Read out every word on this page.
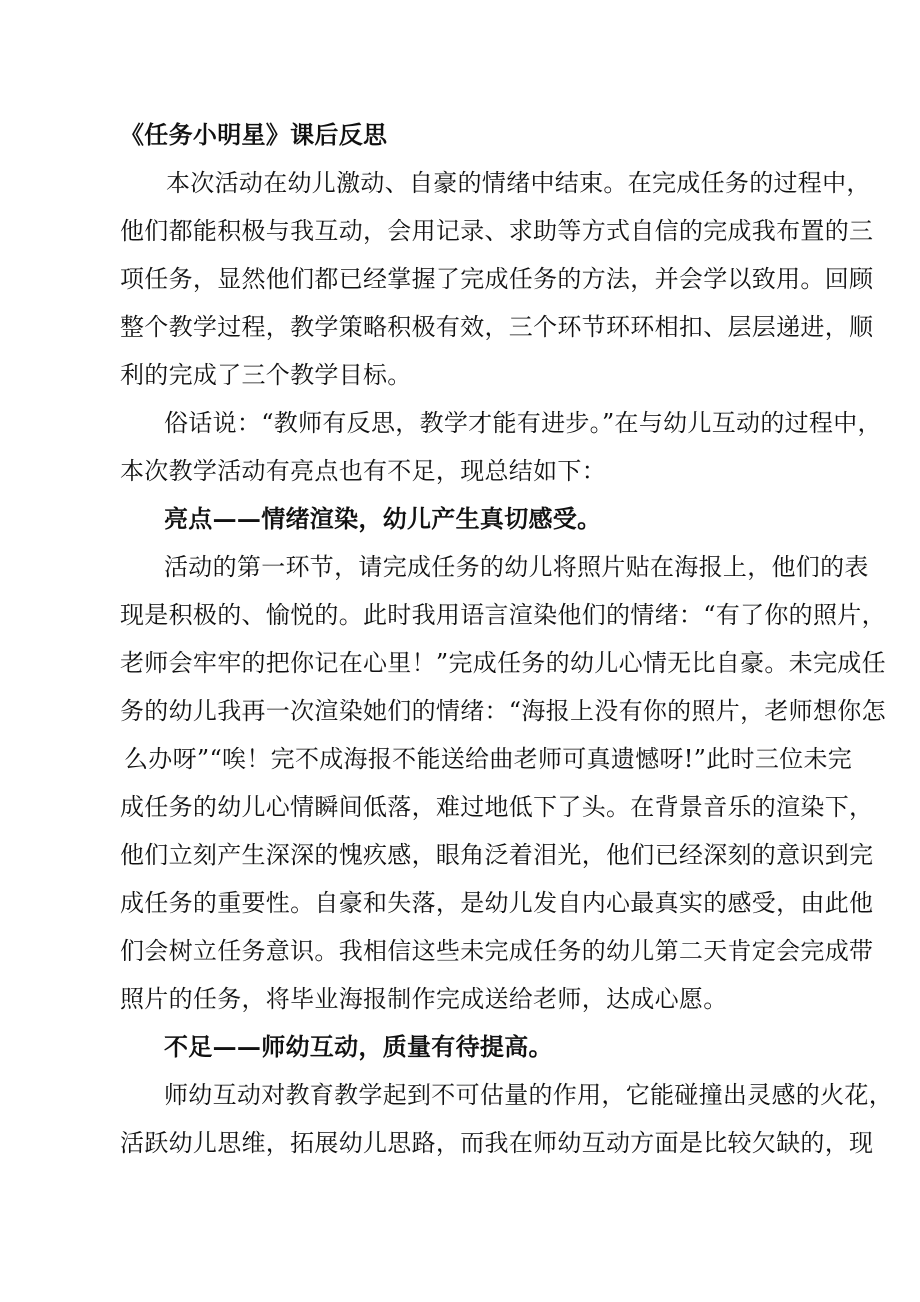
《任务小明星》课后反思
本次活动在幼儿激动、自豪的情绪中结束。在完成任务的过程中，
他们都能积极与我互动，会用记录、求助等方式自信的完成我布置的三
项任务，显然他们都已经掌握了完成任务的方法，并会学以致用。回顾
整个教学过程，教学策略积极有效，三个环节环环相扣、层层递进，顺
利的完成了三个教学目标。
俗话说：“教师有反思，教学才能有进步。”在与幼儿互动的过程中，
本次教学活动有亮点也有不足，现总结如下：
亮点——情绪渲染，幼儿产生真切感受。
活动的第一环节，请完成任务的幼儿将照片贴在海报上，他们的表
现是积极的、愉悦的。此时我用语言渲染他们的情绪：“有了你的照片，
老师会牢牢的把你记在心里！”完成任务的幼儿心情无比自豪。未完成任
务的幼儿我再一次渲染她们的情绪：“海报上没有你的照片，老师想你怎
么办呀”“唉！完不成海报不能送给曲老师可真遗憾呀!”此时三位未完
成任务的幼儿心情瞬间低落，难过地低下了头。在背景音乐的渲染下，
他们立刻产生深深的愧疚感，眼角泛着泪光，他们已经深刻的意识到完
成任务的重要性。自豪和失落，是幼儿发自内心最真实的感受，由此他
们会树立任务意识。我相信这些未完成任务的幼儿第二天肯定会完成带
照片的任务，将毕业海报制作完成送给老师，达成心愿。
不足——师幼互动，质量有待提高。
师幼互动对教育教学起到不可估量的作用，它能碰撞出灵感的火花，
活跃幼儿思维，拓展幼儿思路，而我在师幼互动方面是比较欠缺的，现
